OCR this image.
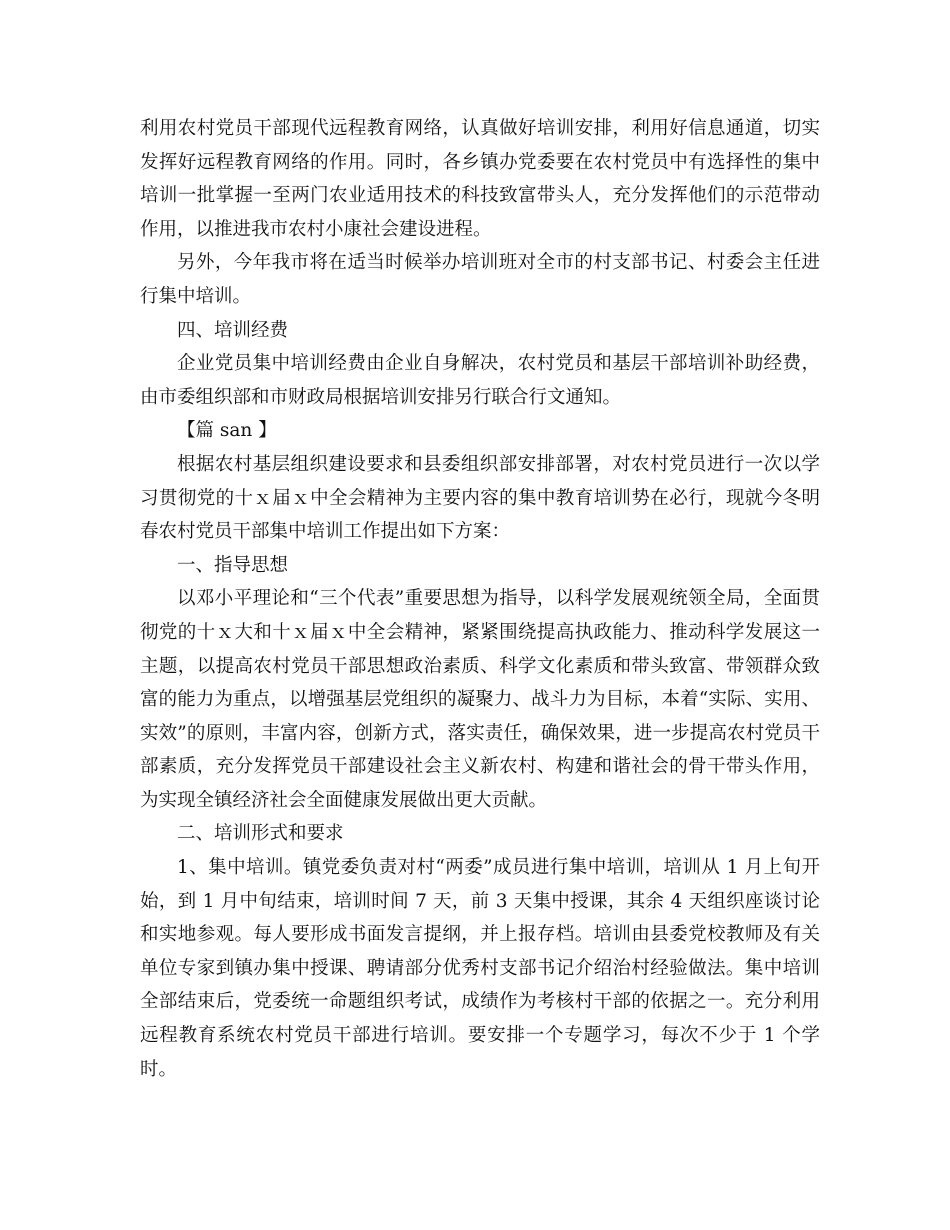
利用农村党员干部现代远程教育网络，认真做好培训安排，利用好信息通道，切实发挥好远程教育网络的作用。同时，各乡镇办党委要在农村党员中有选择性的集中培训一批掌握一至两门农业适用技术的科技致富带头人，充分发挥他们的示范带动作用，以推进我市农村小康社会建设进程。

另外，今年我市将在适当时候举办培训班对全市的村支部书记、村委会主任进行集中培训。

四、培训经费

企业党员集中培训经费由企业自身解决，农村党员和基层干部培训补助经费，由市委组织部和市财政局根据培训安排另行联合行文通知。

【篇 san 】

根据农村基层组织建设要求和县委组织部安排部署，对农村党员进行一次以学习贯彻党的十ｘ届ｘ中全会精神为主要内容的集中教育培训势在必行，现就今冬明春农村党员干部集中培训工作提出如下方案：

一、指导思想

以邓小平理论和“三个代表”重要思想为指导，以科学发展观统领全局，全面贯彻党的十ｘ大和十ｘ届ｘ中全会精神，紧紧围绕提高执政能力、推动科学发展这一主题，以提高农村党员干部思想政治素质、科学文化素质和带头致富、带领群众致富的能力为重点，以增强基层党组织的凝聚力、战斗力为目标，本着“实际、实用、实效”的原则，丰富内容，创新方式，落实责任，确保效果，进一步提高农村党员干部素质，充分发挥党员干部建设社会主义新农村、构建和谐社会的骨干带头作用，为实现全镇经济社会全面健康发展做出更大贡献。

二、培训形式和要求

1、集中培训。镇党委负责对村“两委”成员进行集中培训，培训从 1 月上旬开始，到 1 月中旬结束，培训时间 7 天，前 3 天集中授课，其余 4 天组织座谈讨论和实地参观。每人要形成书面发言提纲，并上报存档。培训由县委党校教师及有关单位专家到镇办集中授课、聘请部分优秀村支部书记介绍治村经验做法。集中培训全部结束后，党委统一命题组织考试，成绩作为考核村干部的依据之一。充分利用远程教育系统农村党员干部进行培训。要安排一个专题学习，每次不少于 1 个学时。
